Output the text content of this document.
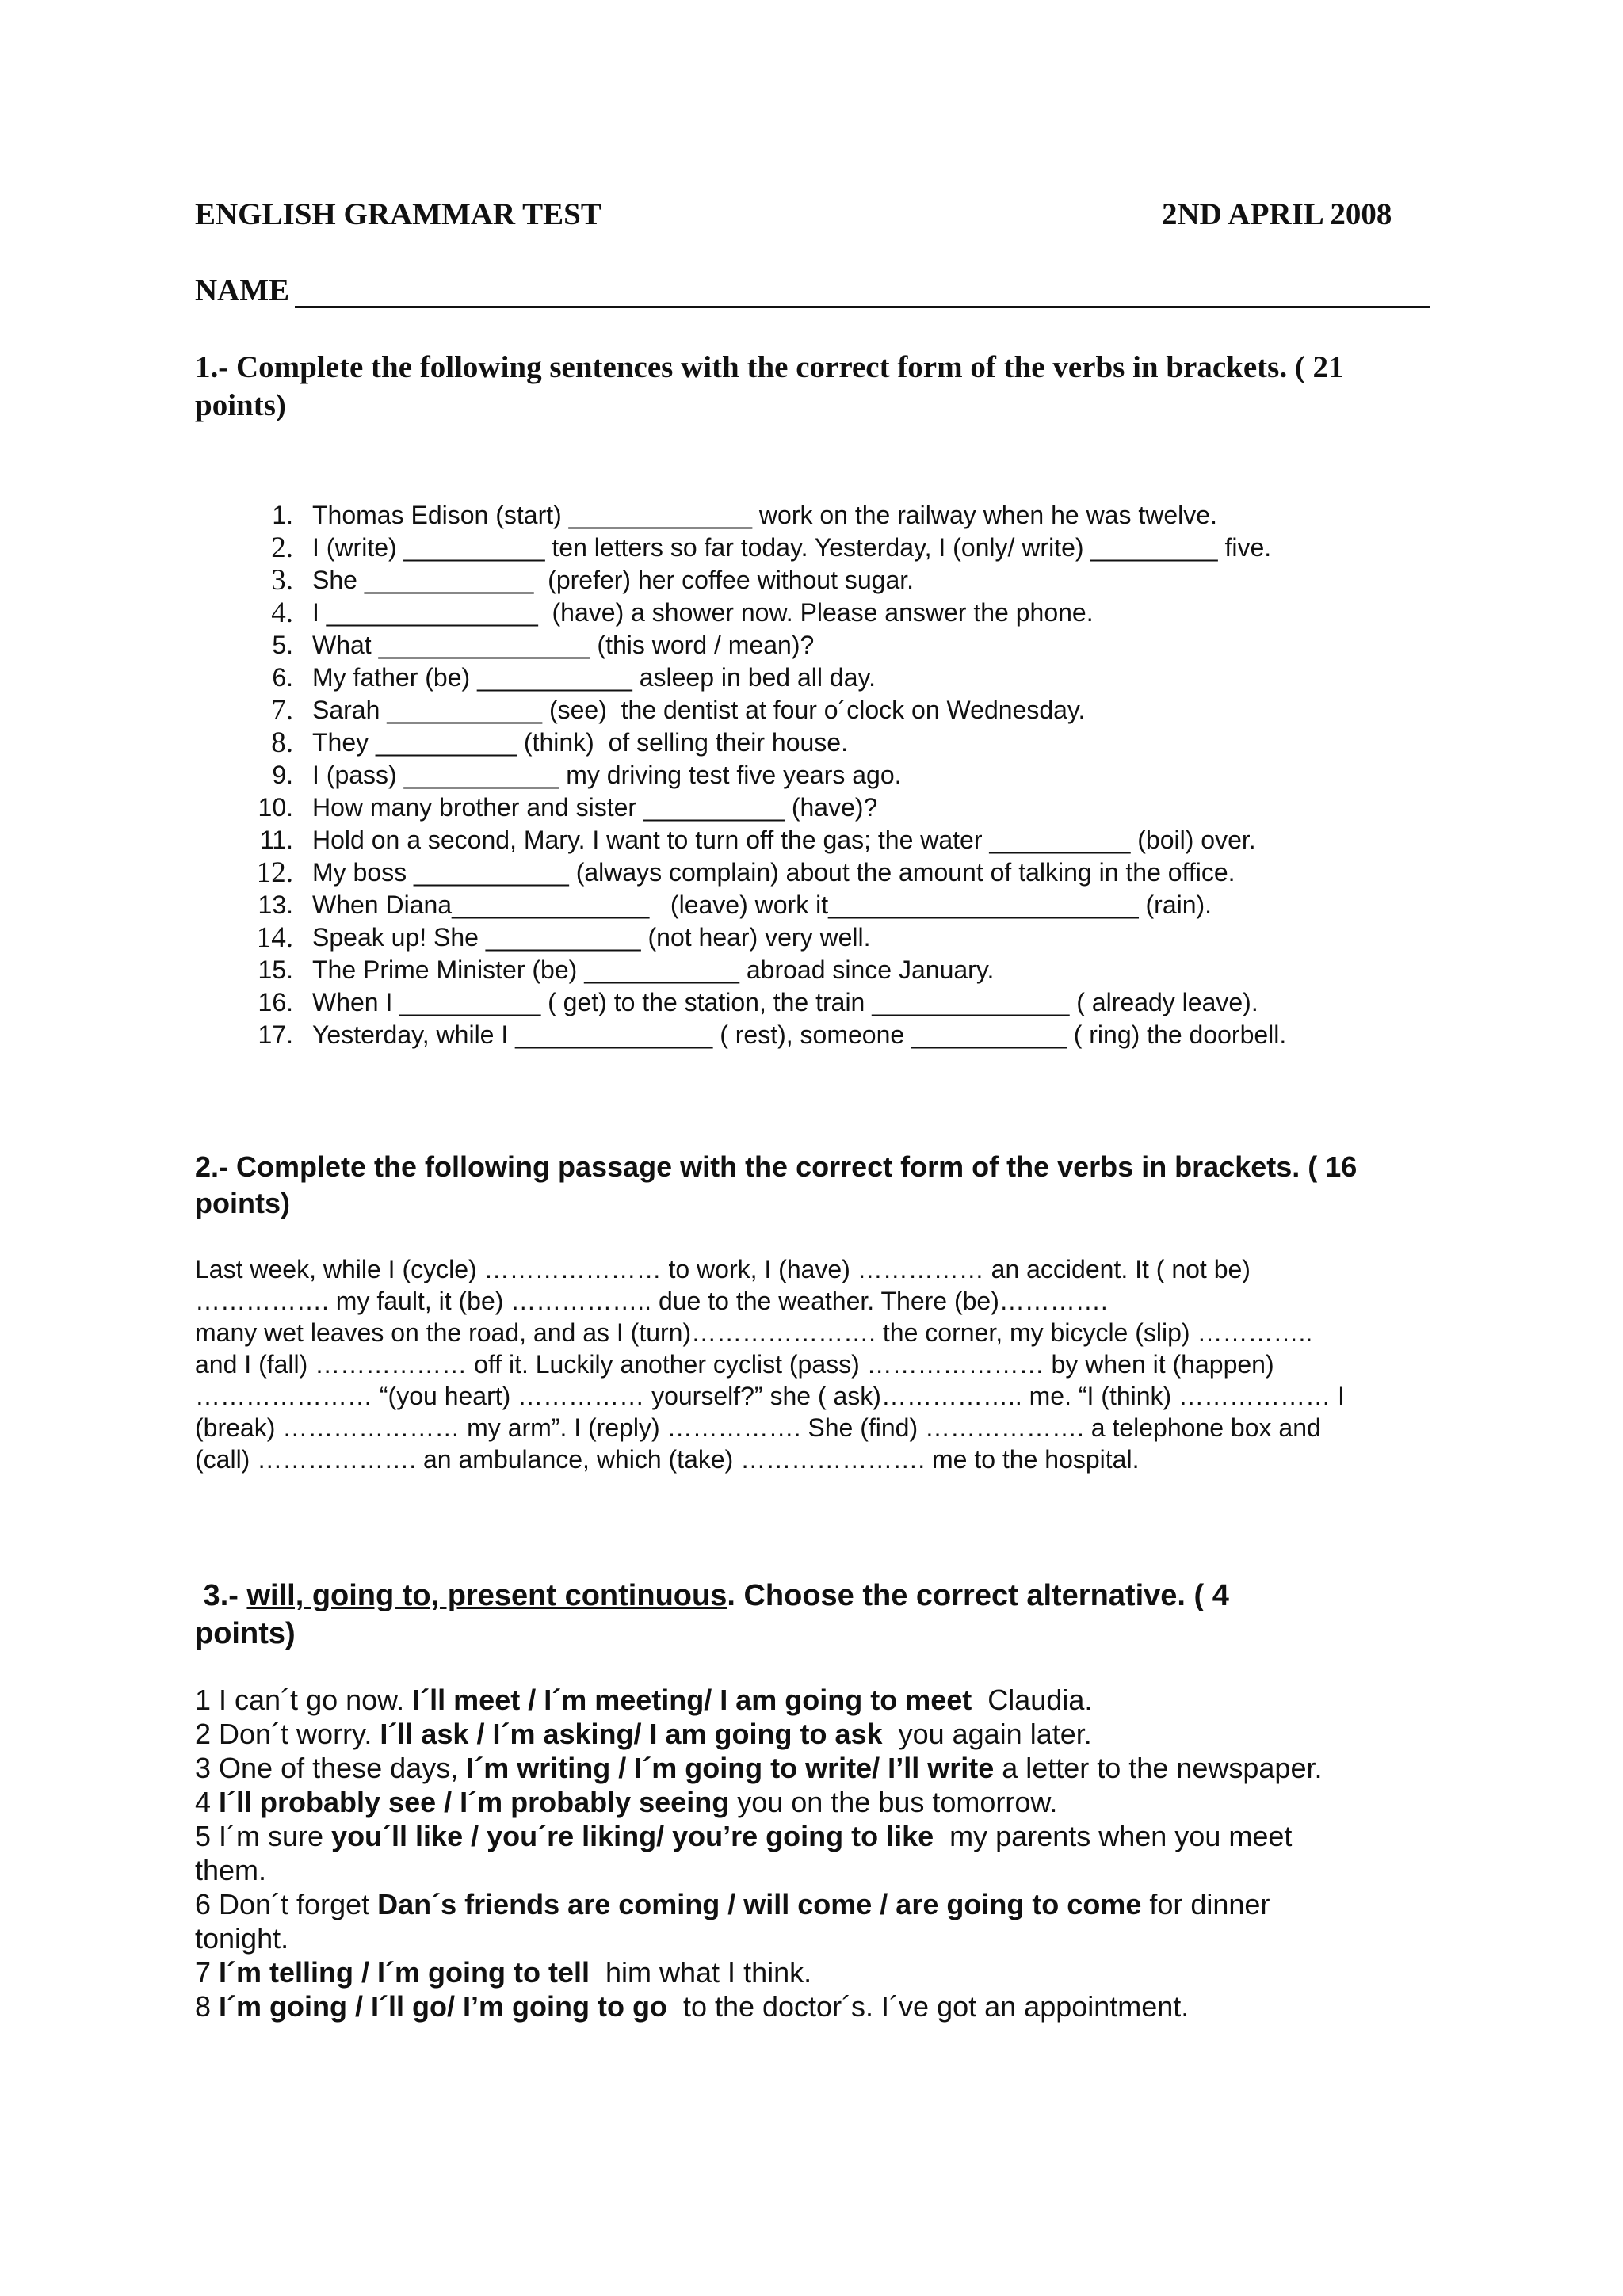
ENGLISH GRAMMAR TEST	2ND APRIL 2008
NAME
1.- Complete the following sentences with the correct form of the verbs in brackets. ( 21
points)
1. Thomas Edison (start) _____________ work on the railway when he was twelve.
2. I (write) __________ ten letters so far today. Yesterday, I (only/ write) _________ five.
3. She ____________  (prefer) her coffee without sugar.
4. I _______________  (have) a shower now. Please answer the phone.
5. What _______________ (this word / mean)?
6. My father (be) ___________ asleep in bed all day.
7. Sarah ___________ (see)  the dentist at four o´clock on Wednesday.
8. They __________ (think)  of selling their house.
9. I (pass) ___________ my driving test five years ago.
10. How many brother and sister __________ (have)?
11. Hold on a second, Mary. I want to turn off the gas; the water __________ (boil) over.
12. My boss ___________ (always complain) about the amount of talking in the office.
13. When Diana______________   (leave) work it______________________ (rain).
14. Speak up! She ___________ (not hear) very well.
15. The Prime Minister (be) ___________ abroad since January.
16. When I __________ ( get) to the station, the train ______________ ( already leave).
17. Yesterday, while I ______________ ( rest), someone ___________ ( ring) the doorbell.
2.- Complete the following passage with the correct form of the verbs in brackets. ( 16
points)
Last week, while I (cycle) ………………… to work, I (have) …………… an accident. It ( not be)
……………. my fault, it (be) …………….. due to the weather. There (be)………….
many wet leaves on the road, and as I (turn)…………………. the corner, my bicycle (slip) …………..
and I (fall) ……………… off it. Luckily another cyclist (pass) ………………… by when it (happen)
………………… “(you heart) …………… yourself?” she ( ask)…………….. me. “I (think) ……………… I
(break) ………………… my arm”. I (reply) ……………. She (find) ………………. a telephone box and
(call) ………………. an ambulance, which (take) …………………. me to the hospital.
3.- will, going to, present continuous. Choose the correct alternative. ( 4
points)
1 I can´t go now. I´ll meet / I´m meeting/ I am going to meet  Claudia.
2 Don´t worry. I´ll ask / I´m asking/ I am going to ask  you again later.
3 One of these days, I´m writing / I´m going to write/ I’ll write a letter to the newspaper.
4 I´ll probably see / I´m probably seeing you on the bus tomorrow.
5 I´m sure you´ll like / you´re liking/ you’re going to like  my parents when you meet
them.
6 Don´t forget Dan´s friends are coming / will come / are going to come for dinner
tonight.
7 I´m telling / I´m going to tell  him what I think.
8 I´m going / I´ll go/ I’m going to go  to the doctor´s. I´ve got an appointment.
